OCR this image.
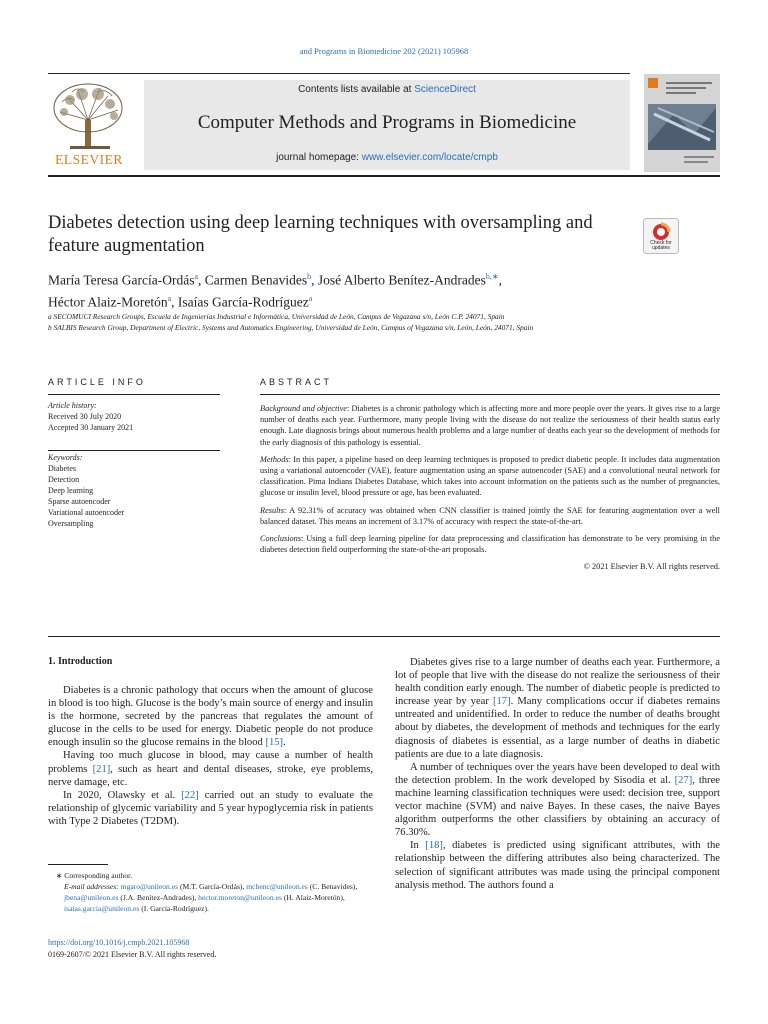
and Programs in Biomedicine 202 (2021) 105968
ELSEVIER
Contents lists available at ScienceDirect
Computer Methods and Programs in Biomedicine
journal homepage: www.elsevier.com/locate/cmpb
Diabetes detection using deep learning techniques with oversampling and feature augmentation	Check for
updates
María Teresa García-Ordás$^a$, Carmen Benavides$^b$, José Alberto Benítez-Andrades$^{b,∗}$,
Héctor Alaiz-Moretón$^a$, Isaías García-Rodríguez$^a$
a SECOMUCI Research Groups, Escuela de Ingenierías Industrial e Informática, Universidad de León, Campus de Vegazana s/n, León C.P. 24071, Spain
b SALBIS Research Group, Department of Electric, Systems and Automatics Engineering, Universidad de León, Campus of Vegazana s/n, León, León, 24071, Spain
ARTICLE INFO
Article history:
Received 30 July 2020
Accepted 30 January 2021
Keywords:
Diabetes
Detection
Deep learning
Sparse autoencoder
Variational autoencoder
Oversampling
ABSTRACT

Background and objective: Diabetes is a chronic pathology which is affecting more and more people over the years. It gives rise to a large number of deaths each year. Furthermore, many people living with the disease do not realize the seriousness of their health status early enough. Late diagnosis brings about numerous health problems and a large number of deaths each year so the development of methods for the early diagnosis of this pathology is essential.

Methods: In this paper, a pipeline based on deep learning techniques is proposed to predict diabetic people. It includes data augmentation using a variational autoencoder (VAE), feature augmentation using an sparse autoencoder (SAE) and a convolutional neural network for classification. Pima Indians Diabetes Database, which takes into account information on the patients such as the number of pregnancies, glucose or insulin level, blood pressure or age, has been evaluated.

Results: A 92.31% of accuracy was obtained when CNN classifier is trained jointly the SAE for featuring augmentation over a well balanced dataset. This means an increment of 3.17% of accuracy with respect the state-of-the-art.

Conclusions: Using a full deep learning pipeline for data preprocessing and classification has demonstrate to be very promising in the diabetes detection field outperforming the state-of-the-art proposals.

© 2021 Elsevier B.V. All rights reserved.
1. Introduction

Diabetes is a chronic pathology that occurs when the amount of glucose in blood is too high. Glucose is the body’s main source of energy and insulin is the hormone, secreted by the pancreas that regulates the amount of glucose in the cells to be used for energy. Diabetic people do not produce enough insulin so the glucose remains in the blood [15].

Having too much glucose in blood, may cause a number of health problems [21], such as heart and dental diseases, stroke, eye problems, nerve damage, etc.

In 2020, Olawsky et al. [22] carried out an study to evaluate the relationship of glycemic variability and 5 year hypoglycemia risk in patients with Type 2 Diabetes (T2DM).

Diabetes gives rise to a large number of deaths each year. Furthermore, a lot of people that live with the disease do not realize the seriousness of their health condition early enough. The number of diabetic people is predicted to increase year by year [17]. Many complications occur if diabetes remains untreated and unidentified. In order to reduce the number of deaths brought about by diabetes, the development of methods and techniques for the early diagnosis of diabetes is essential, as a large number of deaths in diabetic patients are due to a late diagnosis.

A number of techniques over the years have been developed to deal with the detection problem. In the work developed by Sisodia et al. [27], three machine learning classification techniques were used: decision tree, support vector machine (SVM) and naive Bayes. In these cases, the naive Bayes algorithm outperforms the other classifiers by obtaining an accuracy of 76.30%.

In [18], diabetes is predicted using significant attributes, with the relationship between the differing attributes also being characterized. The selection of significant attributes was made using the principal component analysis method. The authors found a

∗ Corresponding author.

E-mail addresses: mgaro@unileon.es (M.T. García-Ordás), mcbenc@unileon.es (C. Benavides), jbena@unileon.es (J.A. Benítez-Andrades), hector.moreton@unileon.es (H. Alaiz-Moretón), isaias.garcia@unileon.es (I. García-Rodríguez).

https://doi.org/10.1016/j.cmpb.2021.105968
0169-2607/© 2021 Elsevier B.V. All rights reserved.
